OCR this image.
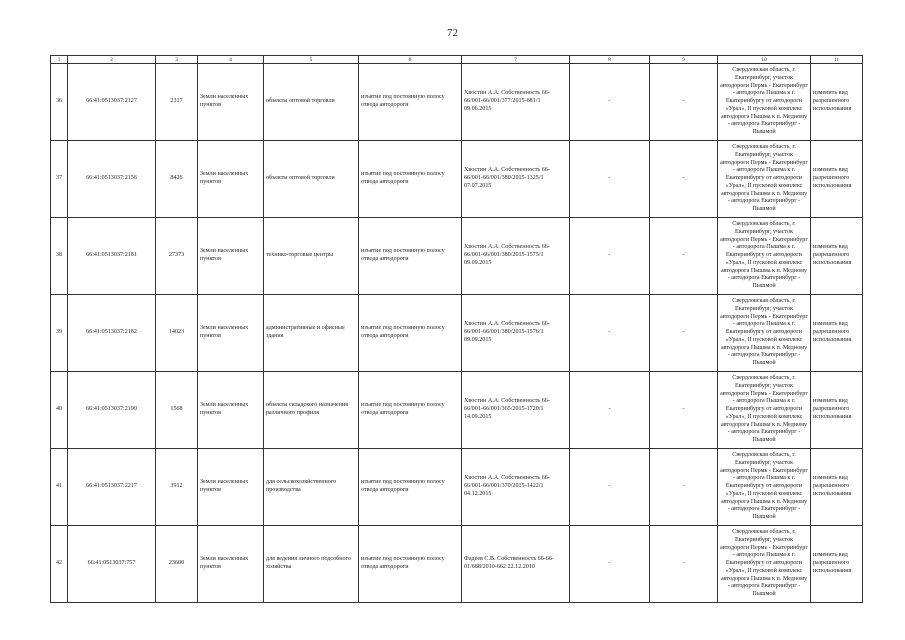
72
1	2	3	4	5	6	7	8	9	10	11
36	66:41:0513037:2127	2317	Земли населенных пунктов	объекты оптовой торговли	изъятие под постоянную полосу отвода автодороги	Хвостин А.А. Собственность 66-66/001-66/001/377/2015-681/1 09.06.2015	-	-	Свердловская область, г. Екатеринбург, участок автодороги Пермь - Екатеринбург - автодорога Пышма к г. Екатеринбургу от автодороги «Урал», II пусковой комплекс автодорога Пышма к п. Медному - автодорога Екатеринбург - Пышмой	изменить вид разрешенного использования
37	66:41:0513037:2156	8426	Земли населенных пунктов	объекты оптовой торговли	изъятие под постоянную полосу отвода автодороги	Хвостин А.А. Собственность 66-66/001-66/001/380/2015-1325/1 07.07.2015	-	-	Свердловская область, г. Екатеринбург, участок автодороги Пермь - Екатеринбург - автодорога Пышма к г. Екатеринбургу от автодороги «Урал», II пусковой комплекс автодорога Пышма к п. Медному - автодорога Екатеринбург - Пышмой	изменить вид разрешенного использования
38	66:41:0513037:2181	27373	Земли населенных пунктов	технико-торговые центры	изъятие под постоянную полосу отвода автодороги	Хвостин А.А. Собственность 66-66/001-66/001/380/2015-1575/1 09.09.2015	-	-	Свердловская область, г. Екатеринбург, участок автодороги Пермь - Екатеринбург - автодорога Пышма к г. Екатеринбургу от автодороги «Урал», II пусковой комплекс автодорога Пышма к п. Медному - автодорога Екатеринбург - Пышмой	изменить вид разрешенного использования
39	66:41:0513037:2182	14023	Земли населенных пунктов	административные и офисные здания	изъятие под постоянную полосу отвода автодороги	Хвостин А.А. Собственность 66-66/001-66/001/380/2015-1576/1 09.09.2015	-	-	Свердловская область, г. Екатеринбург, участок автодороги Пермь - Екатеринбург - автодорога Пышма к г. Екатеринбургу от автодороги «Урал», II пусковой комплекс автодорога Пышма к п. Медному - автодорога Екатеринбург - Пышмой	изменить вид разрешенного использования
40	66:41:0513037:2190	1568	Земли населенных пунктов	объекты складского назначения различного профиля	изъятие под постоянную полосу отвода автодороги	Хвостин А.А. Собственность 66-66/001-66/001/365/2015-1720/1 14.09.2015	-	-	Свердловская область, г. Екатеринбург, участок автодороги Пермь - Екатеринбург - автодорога Пышма к г. Екатеринбургу от автодороги «Урал», II пусковой комплекс автодорога Пышма к п. Медному - автодорога Екатеринбург - Пышмой	изменить вид разрешенного использования
41	66:41:0513037:2217	3912	Земли населенных пунктов	для сельскохозяйственного производства	изъятие под постоянную полосу отвода автодороги	Хвостин А.А. Собственность 66-66/001-66/001/370/2015-1422/1 04.12.2015	-	-	Свердловская область, г. Екатеринбург, участок автодороги Пермь - Екатеринбург - автодорога Пышма к г. Екатеринбургу от автодороги «Урал», II пусковой комплекс автодорога Пышма к п. Медному - автодорога Екатеринбург - Пышмой	изменить вид разрешенного использования
42	66:41:0513037:757	23600	Земли населенных пунктов	для ведения личного подсобного хозяйства	изъятие под постоянную полосу отвода автодороги	Фадеев С.В. Собственность 66-66-01/688/2010-662 22.12.2010	-	-	Свердловская область, г. Екатеринбург, участок автодороги Пермь - Екатеринбург - автодорога Пышма к г. Екатеринбургу от автодороги «Урал», II пусковой комплекс автодорога Пышма к п. Медному - автодорога Екатеринбург - Пышмой	изменить вид разрешенного использования
